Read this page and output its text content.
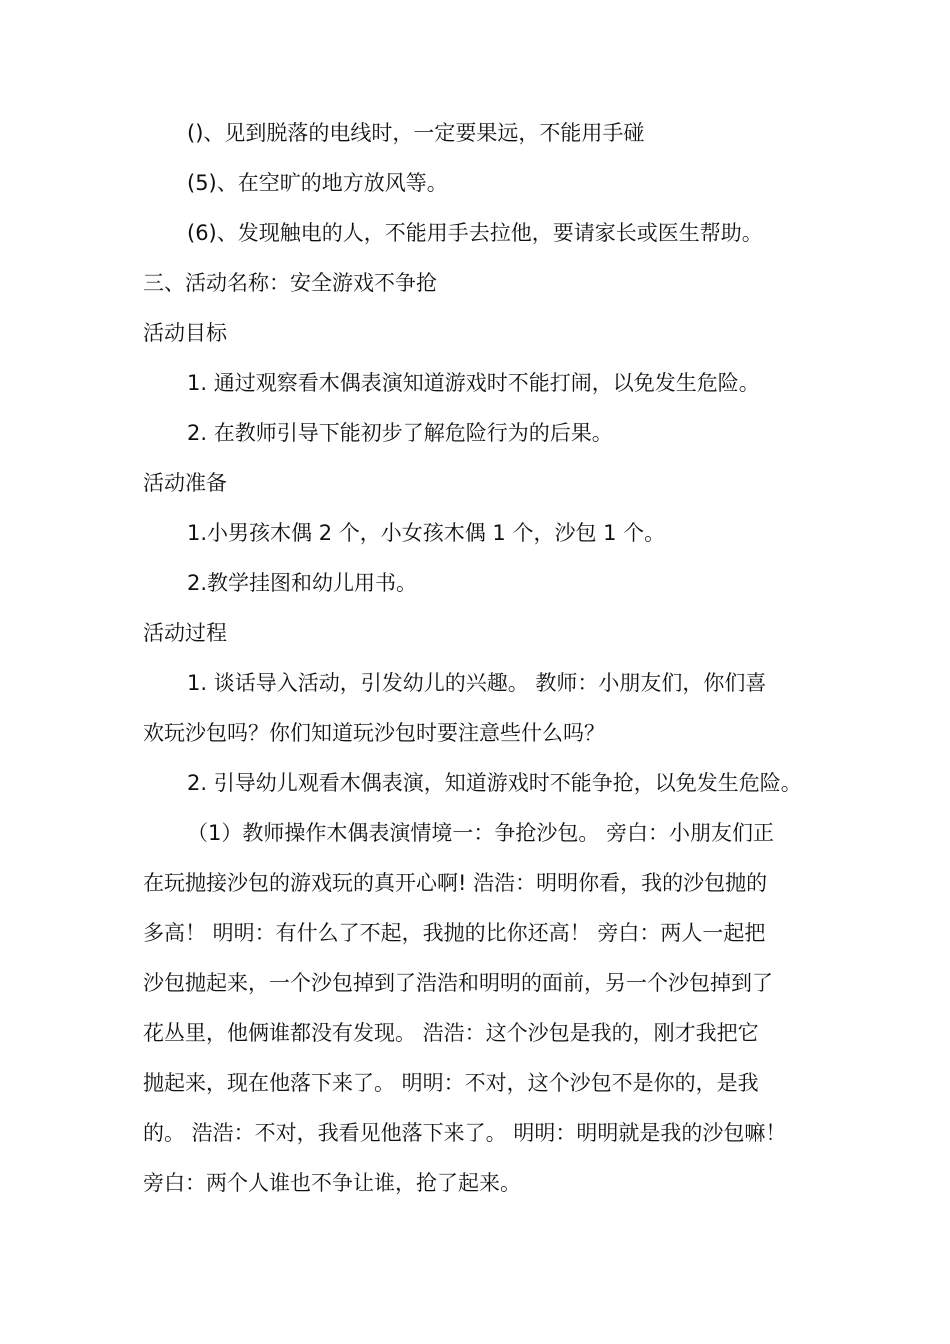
()、见到脱落的电线时，一定要果远，不能用手碰
(5)、在空旷的地方放风等。
(6)、发现触电的人，不能用手去拉他，要请家长或医生帮助。
三、活动名称：安全游戏不争抢
活动目标
1. 通过观察看木偶表演知道游戏时不能打闹，以免发生危险。
2. 在教师引导下能初步了解危险行为的后果。
活动准备
1.小男孩木偶 2 个，小女孩木偶 1 个，沙包 1 个。
2.教学挂图和幼儿用书。
活动过程
1. 谈话导入活动，引发幼儿的兴趣。 教师：小朋友们，你们喜
欢玩沙包吗？你们知道玩沙包时要注意些什么吗？
2. 引导幼儿观看木偶表演，知道游戏时不能争抢，以免发生危险。
（1）教师操作木偶表演情境一：争抢沙包。 旁白：小朋友们正
在玩抛接沙包的游戏玩的真开心啊! 浩浩：明明你看，我的沙包抛的
多高！ 明明：有什么了不起，我抛的比你还高！ 旁白：两人一起把
沙包抛起来，一个沙包掉到了浩浩和明明的面前，另一个沙包掉到了
花丛里，他俩谁都没有发现。 浩浩：这个沙包是我的，刚才我把它
抛起来，现在他落下来了。 明明：不对，这个沙包不是你的，是我
的。 浩浩：不对，我看见他落下来了。 明明：明明就是我的沙包嘛！
旁白：两个人谁也不争让谁，抢了起来。
